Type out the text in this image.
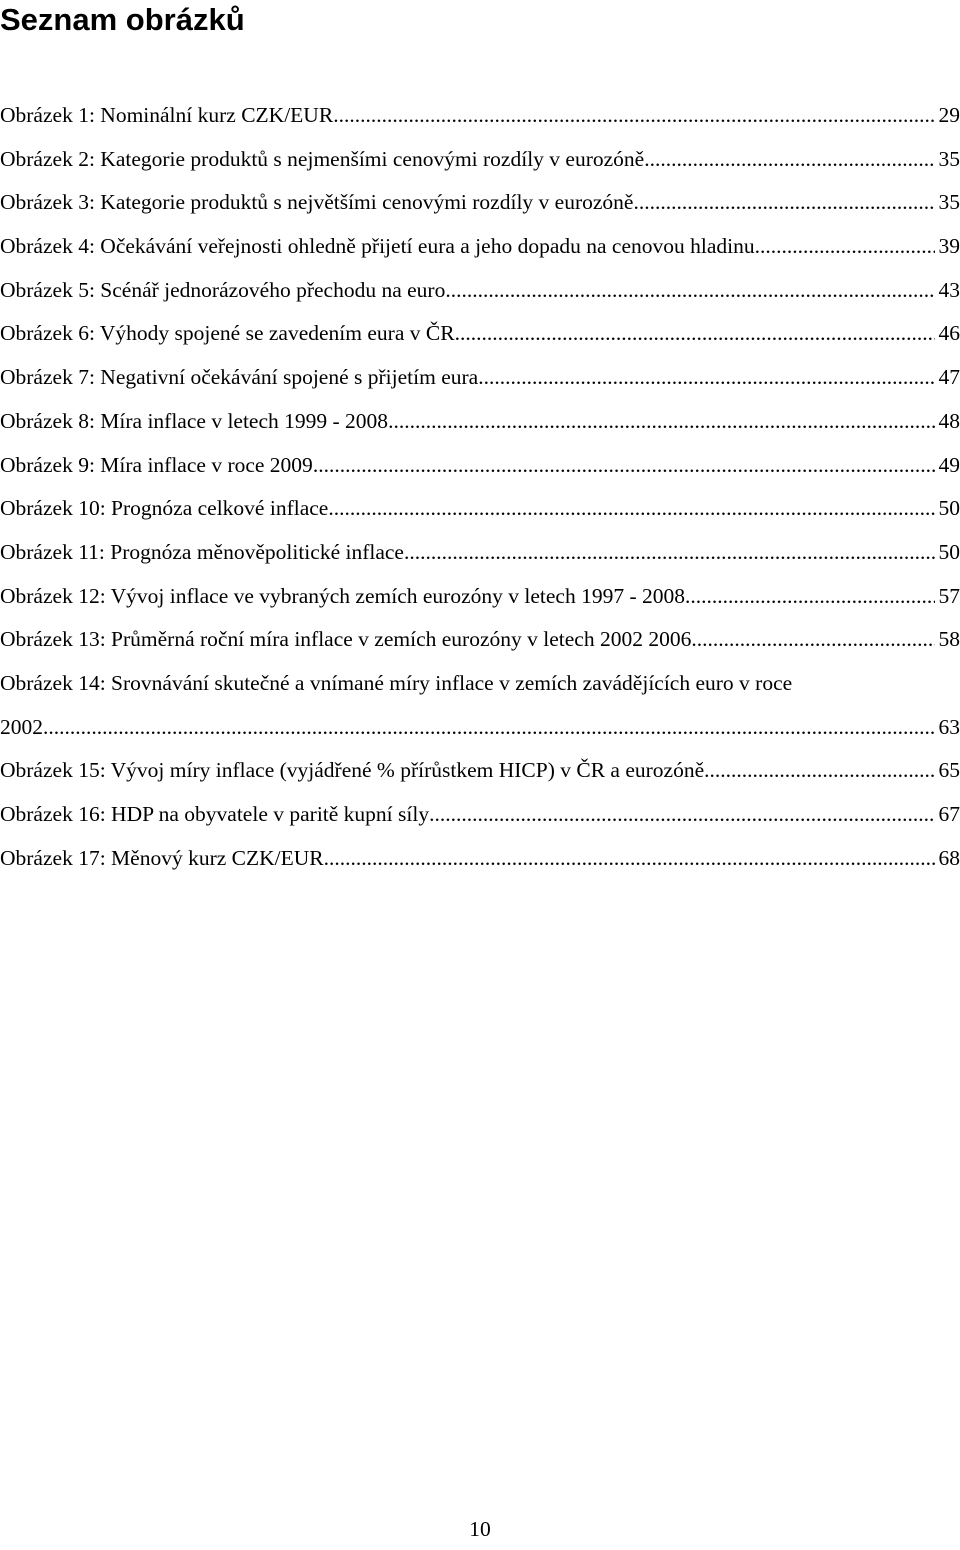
Seznam obrázků
Obrázek 1: Nominální kurz CZK/EUR .....	29
Obrázek 2: Kategorie produktů s nejmenšími cenovými rozdíly v eurozóně .....	35
Obrázek 3: Kategorie produktů s největšími cenovými rozdíly v eurozóně .....	35
Obrázek 4: Očekávání veřejnosti ohledně přijetí eura a jeho dopadu na cenovou hladinu .....	39
Obrázek 5: Scénář jednorázového přechodu na euro .....	43
Obrázek 6: Výhody spojené se zavedením eura v ČR .....	46
Obrázek 7: Negativní očekávání spojené s přijetím eura .....	47
Obrázek 8: Míra inflace v letech 1999 - 2008 .....	48
Obrázek 9: Míra inflace v roce 2009 .....	49
Obrázek 10: Prognóza celkové inflace .....	50
Obrázek 11: Prognóza měnověpolitické inflace .....	50
Obrázek 12: Vývoj inflace ve vybraných zemích eurozóny v letech 1997 - 2008 .....	57
Obrázek 13: Průměrná roční míra inflace v zemích eurozóny v letech 2002 2006 .....	58
Obrázek 14: Srovnávání skutečné a vnímané míry inflace v zemích zavádějících euro v roce
2002 .....	63
Obrázek 15: Vývoj míry inflace (vyjádřené % přírůstkem HICP) v ČR a eurozóně .....	65
Obrázek 16: HDP na obyvatele v paritě kupní síly .....	67
Obrázek 17: Měnový kurz CZK/EUR .....	68
10
